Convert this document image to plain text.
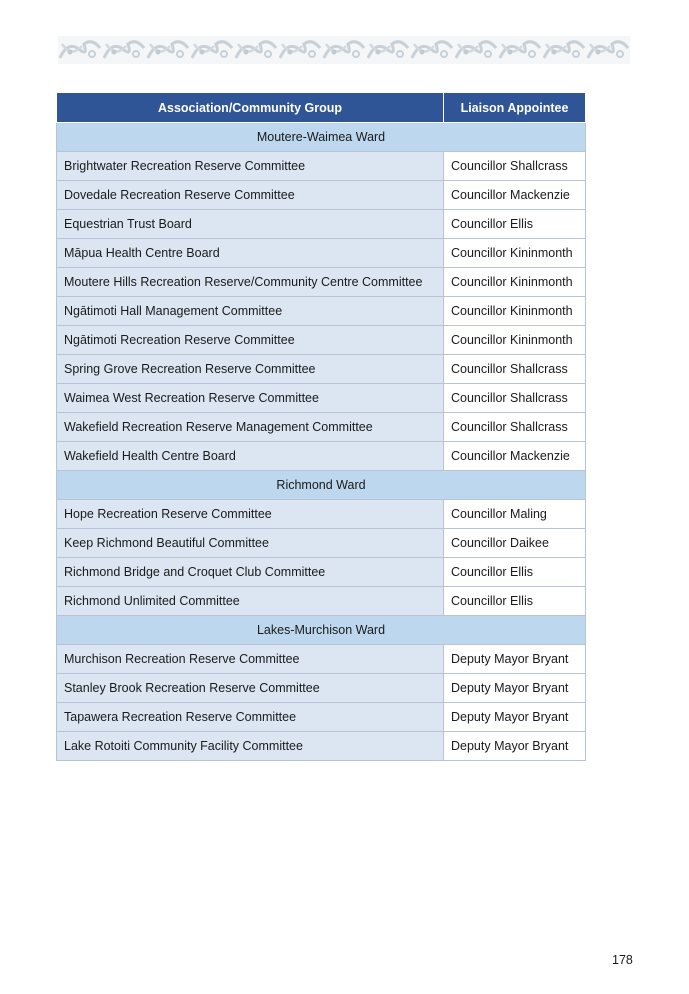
Association/Community Group	Liaison Appointee
Moutere-Waimea Ward	
Brightwater Recreation Reserve Committee	Councillor Shallcrass
Dovedale Recreation Reserve Committee	Councillor Mackenzie
Equestrian Trust Board	Councillor Ellis
Māpua Health Centre Board	Councillor Kininmonth
Moutere Hills Recreation Reserve/Community Centre Committee	Councillor Kininmonth
Ngātimoti Hall Management Committee	Councillor Kininmonth
Ngātimoti Recreation Reserve Committee	Councillor Kininmonth
Spring Grove Recreation Reserve Committee	Councillor Shallcrass
Waimea West Recreation Reserve Committee	Councillor Shallcrass
Wakefield Recreation Reserve Management Committee	Councillor Shallcrass
Wakefield Health Centre Board	Councillor Mackenzie
Richmond Ward	
Hope Recreation Reserve Committee	Councillor Maling
Keep Richmond Beautiful Committee	Councillor Daikee
Richmond Bridge and Croquet Club Committee	Councillor Ellis
Richmond Unlimited Committee	Councillor Ellis
Lakes-Murchison Ward	
Murchison Recreation Reserve Committee	Deputy Mayor Bryant
Stanley Brook Recreation Reserve Committee	Deputy Mayor Bryant
Tapawera Recreation Reserve Committee	Deputy Mayor Bryant
Lake Rotoiti Community Facility Committee	Deputy Mayor Bryant
178
